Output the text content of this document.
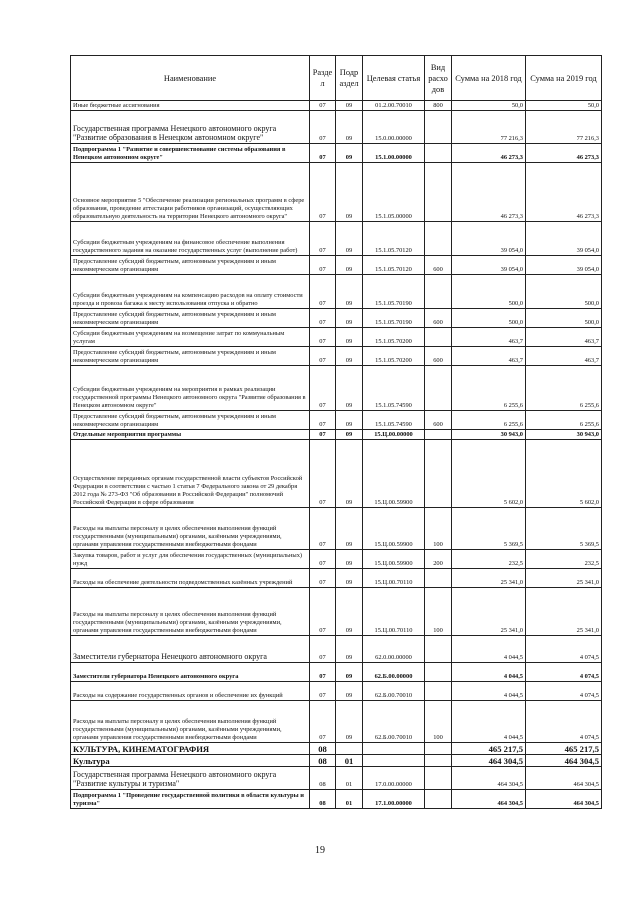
Наименование	Разде л	Подр аздел	Целевая статья	Вид расхо дов	Сумма на 2018 год	Сумма на 2019 год
Иные бюджетные ассигнования	07	09	01.2.00.70010	800	50,0	50,0
Государственная программа Ненецкого автономного округа "Развитие образования в Ненецком автономном округе"	07	09	15.0.00.00000		77 216,3	77 216,3
Подпрограмма 1 "Развитие и совершенствование системы образования в Ненецком автономном округе"	07	09	15.1.00.00000		46 273,3	46 273,3
Основное мероприятие 5 "Обеспечение реализации региональных программ в сфере образования, проведение аттестации работников организаций, осуществляющих образовательную деятельность на территории Ненецкого автономного округа"	07	09	15.1.05.00000		46 273,3	46 273,3
Субсидии бюджетным учреждениям на финансовое обеспечение выполнения государственного задания на оказание государственных услуг (выполнение работ)	07	09	15.1.05.70120		39 054,0	39 054,0
Предоставление субсидий бюджетным, автономным учреждениям и иным некоммерческим организациям	07	09	15.1.05.70120	600	39 054,0	39 054,0
Субсидии бюджетным учреждениям на компенсацию расходов на оплату стоимости проезда и провоза багажа к месту использования отпуска и обратно	07	09	15.1.05.70190		500,0	500,0
Предоставление субсидий бюджетным, автономным учреждениям и иным некоммерческим организациям	07	09	15.1.05.70190	600	500,0	500,0
Субсидии бюджетным учреждениям на возмещение затрат по коммунальным услугам	07	09	15.1.05.70200		463,7	463,7
Предоставление субсидий бюджетным, автономным учреждениям и иным некоммерческим организациям	07	09	15.1.05.70200	600	463,7	463,7
Субсидии бюджетным учреждениям на мероприятия в рамках реализации государственной программы Ненецкого автономного округа "Развитие образования в Ненецком автономном округе"	07	09	15.1.05.74590		6 255,6	6 255,6
Предоставление субсидий бюджетным, автономным учреждениям и иным некоммерческим организациям	07	09	15.1.05.74590	600	6 255,6	6 255,6
Отдельные мероприятия программы	07	09	15.Ц.00.00000		30 943,0	30 943,0
Осуществление переданных органам государственной власти субъектов Российской Федерации в соответствии с частью 1 статьи 7 Федерального закона от 29 декабря 2012 года № 273-ФЗ "Об образовании в Российской Федерации" полномочий Российской Федерации в сфере образования	07	09	15.Ц.00.59900		5 602,0	5 602,0
Расходы на выплаты персоналу в целях обеспечения выполнения функций государственными (муниципальными) органами, казёнными учреждениями, органами управления государственными внебюджетными фондами	07	09	15.Ц.00.59900	100	5 369,5	5 369,5
Закупка товаров, работ и услуг для обеспечения государственных (муниципальных) нужд	07	09	15.Ц.00.59900	200	232,5	232,5
Расходы на обеспечение деятельности подведомственных казённых учреждений	07	09	15.Ц.00.70110		25 341,0	25 341,0
Расходы на выплаты персоналу в целях обеспечения выполнения функций государственными (муниципальными) органами, казёнными учреждениями, органами управления государственными внебюджетными фондами	07	09	15.Ц.00.70110	100	25 341,0	25 341,0
Заместители губернатора Ненецкого автономного округа	07	09	62.0.00.00000		4 044,5	4 074,5
Заместители губернатора Ненецкого автономного округа	07	09	62.Б.00.00000		4 044,5	4 074,5
Расходы на содержание государственных органов и обеспечение их функций	07	09	62.Б.00.70010		4 044,5	4 074,5
Расходы на выплаты персоналу в целях обеспечения выполнения функций государственными (муниципальными) органами, казёнными учреждениями, органами управления государственными внебюджетными фондами	07	09	62.Б.00.70010	100	4 044,5	4 074,5
КУЛЬТУРА, КИНЕМАТОГРАФИЯ	08				465 217,5	465 217,5
Культура	08	01			464 304,5	464 304,5
Государственная программа Ненецкого автономного округа "Развитие культуры и туризма"	08	01	17.0.00.00000		464 304,5	464 304,5
Подпрограмма 1 "Проведение государственной политики в области культуры и туризма"	08	01	17.1.00.00000		464 304,5	464 304,5
19
